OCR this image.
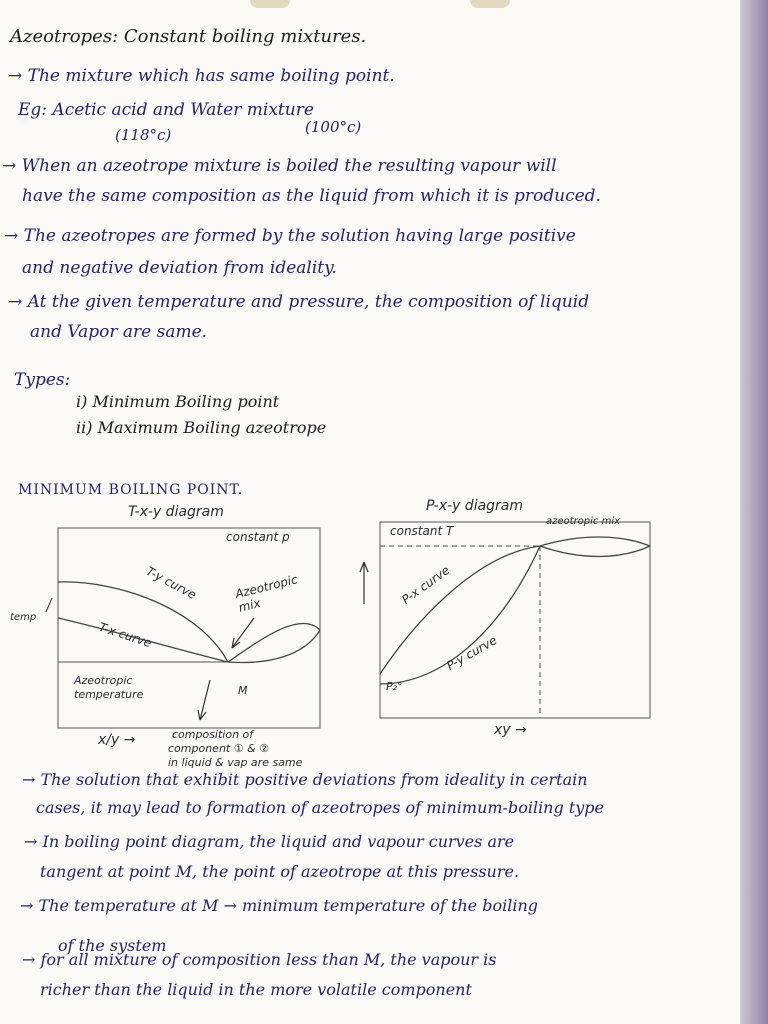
Azeotropes: Constant boiling mixtures.
→ The mixture which has same boiling point.
Eg: Acetic acid and Water mixture
(118°c)	(100°c)
→ When an azeotrope mixture is boiled the resulting vapour will
have the same composition as the liquid from which it is produced.
→ The azeotropes are formed by the solution having large positive
and negative deviation from ideality.
→ At the given temperature and pressure, the composition of liquid
and Vapor are same.
Types:
i) Minimum Boiling point
ii) Maximum Boiling azeotrope
MINIMUM BOILING POINT.
T-x-y diagram
constant p
temp
T-y curve
T-x curve
Azeotropic mix
Azeotropic temperature	M
x/y →	composition of
component ① & ②
in liquid & vap are same
P-x-y diagram
constant T
azeotropic mix
P-x curve
P-y curve
P₂°
xy →
→ The solution that exhibit positive deviations from ideality in certain
cases, it may lead to formation of azeotropes of minimum-boiling type
→ In boiling point diagram, the liquid and vapour curves are
tangent at point M, the point of azeotrope at this pressure.
→ The temperature at M → minimum temperature of the boiling
of the system
→ for all mixture of composition less than M, the vapour is
richer than the liquid in the more volatile component
